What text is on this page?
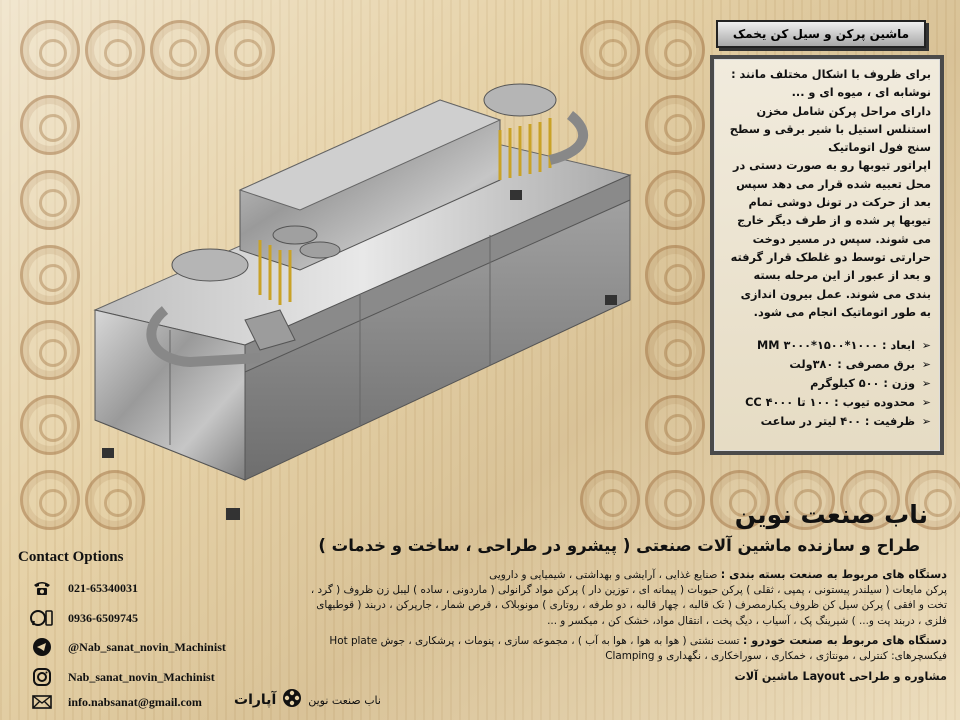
ماشین پرکن و سیل کن یخمک

برای ظروف با اشکال مختلف مانند :

نوشابه ای ، میوه ای و ...

دارای مراحل پرکن شامل مخزن

استنلس استیل با شیر برقی و سطح

سنج فول اتوماتیک

اپراتور تیوبها رو به صورت دستی در

محل تعبیه شده قرار می دهد سپس

بعد از حرکت در تونل دوشی تمام

تیوبها پر شده و از طرف دیگر خارج

می شوند. سپس در مسیر دوخت

حرارتی توسط دو غلطک قرار گرفته

و بعد از عبور از این مرحله بسته

بندی می شوند. عمل بیرون اندازی

به طور اتوماتیک انجام می شود.

➢
ابعاد : ۱۰۰۰*۱۵۰۰*۳۰۰۰ MM
➢
برق مصرفی : ۳۸۰ولت
➢
وزن : ۵۰۰ کیلوگرم
➢
محدوده تیوب : ۱۰۰ تا ۴۰۰۰ CC
➢
ظرفیت : ۴۰۰ لیتر در ساعت
ناب صنعت نوین
طراح و سازنده ماشین آلات صنعتی ( پیشرو در طراحی ، ساخت و خدمات )
دستگاه های مربوط به صنعت بسته بندی : صنایع غذایی ، آرایشی و بهداشتی ، شیمیایی و دارویی
پرکن مایعات ( سیلندر پیستونی ، پمپی ، ثقلی ) پرکن حبوبات ( پیمانه ای ، توزین دار ) پرکن مواد گرانولی ( ماردونی ، ساده ) لیبل زن ظروف ( گرد ،
تخت و افقی ) پرکن سیل کن ظروف یکبارمصرف ( تک قالبه ، چهار قالبه ، دو طرفه ، روتاری ) مونوبلاک ، قرص شمار ، جارپرکن ، دربند ( قوطیهای
فلزی ، دربند پت و... ) شیرینگ پک ، آسیاب ، دیگ پخت ، انتقال مواد، خشک کن ، میکسر و ...
دستگاه های مربوط به صنعت خودرو : تست نشتی ( هوا به هوا ، هوا به آب ) ، مجموعه سازی ، پنومات ، پرشکاری ، جوش Hot plate
فیکسچرهای: کنترلی ، مونتاژی ، خمکاری ، سوراخکاری ، نگهداری و Clamping
مشاوره و طراحی Layout ماشین آلات
Contact Options
021-65340031
0936-6509745
@Nab_sanat_novin_Machinist
Nab_sanat_novin_Machinist
info.nabsanat@gmail.com آپارات	ناب صنعت نوین
